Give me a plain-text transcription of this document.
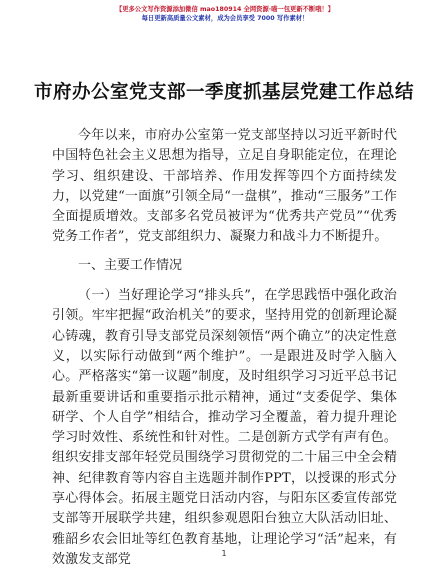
【更多公文写作资源添加微信 mao180914 全网资源·喵一包更新不断哦！】
每日更新高质量公文素材，成为会员享受 7000 写作素材！
市府办公室党支部一季度抓基层党建工作总结

今年以来，市府办公室第一党支部坚持以习近平新时代中国特色社会主义思想为指导，立足自身职能定位，在理论学习、组织建设、干部培养、作用发挥等四个方面持续发力，以党建“一面旗”引领全局“一盘棋”，推动“三服务”工作全面提质增效。支部多名党员被评为“优秀共产党员”“优秀党务工作者”，党支部组织力、凝聚力和战斗力不断提升。

一、主要工作情况

（一）当好理论学习“排头兵”，在学思践悟中强化政治引领。牢牢把握“政治机关”的要求，坚持用党的创新理论凝心铸魂，教育引导支部党员深刻领悟“两个确立”的决定性意义，以实际行动做到“两个维护”。一是跟进及时学入脑入心。严格落实“第一议题”制度，及时组织学习习近平总书记最新重要讲话和重要指示批示精神，通过“支委促学、集体研学、个人自学”相结合，推动学习全覆盖，着力提升理论学习时效性、系统性和针对性。二是创新方式学有声有色。组织安排支部年轻党员围绕学习贯彻党的二十届三中全会精神、纪律教育等内容自主选题并制作PPT，以授课的形式分享心得体会。拓展主题党日活动内容，与阳东区委宣传部党支部等开展联学共建，组织参观恩阳台独立大队活动旧址、雅韶乡农会旧址等红色教育基地，让理论学习“活”起来，有效激发支部党	1
